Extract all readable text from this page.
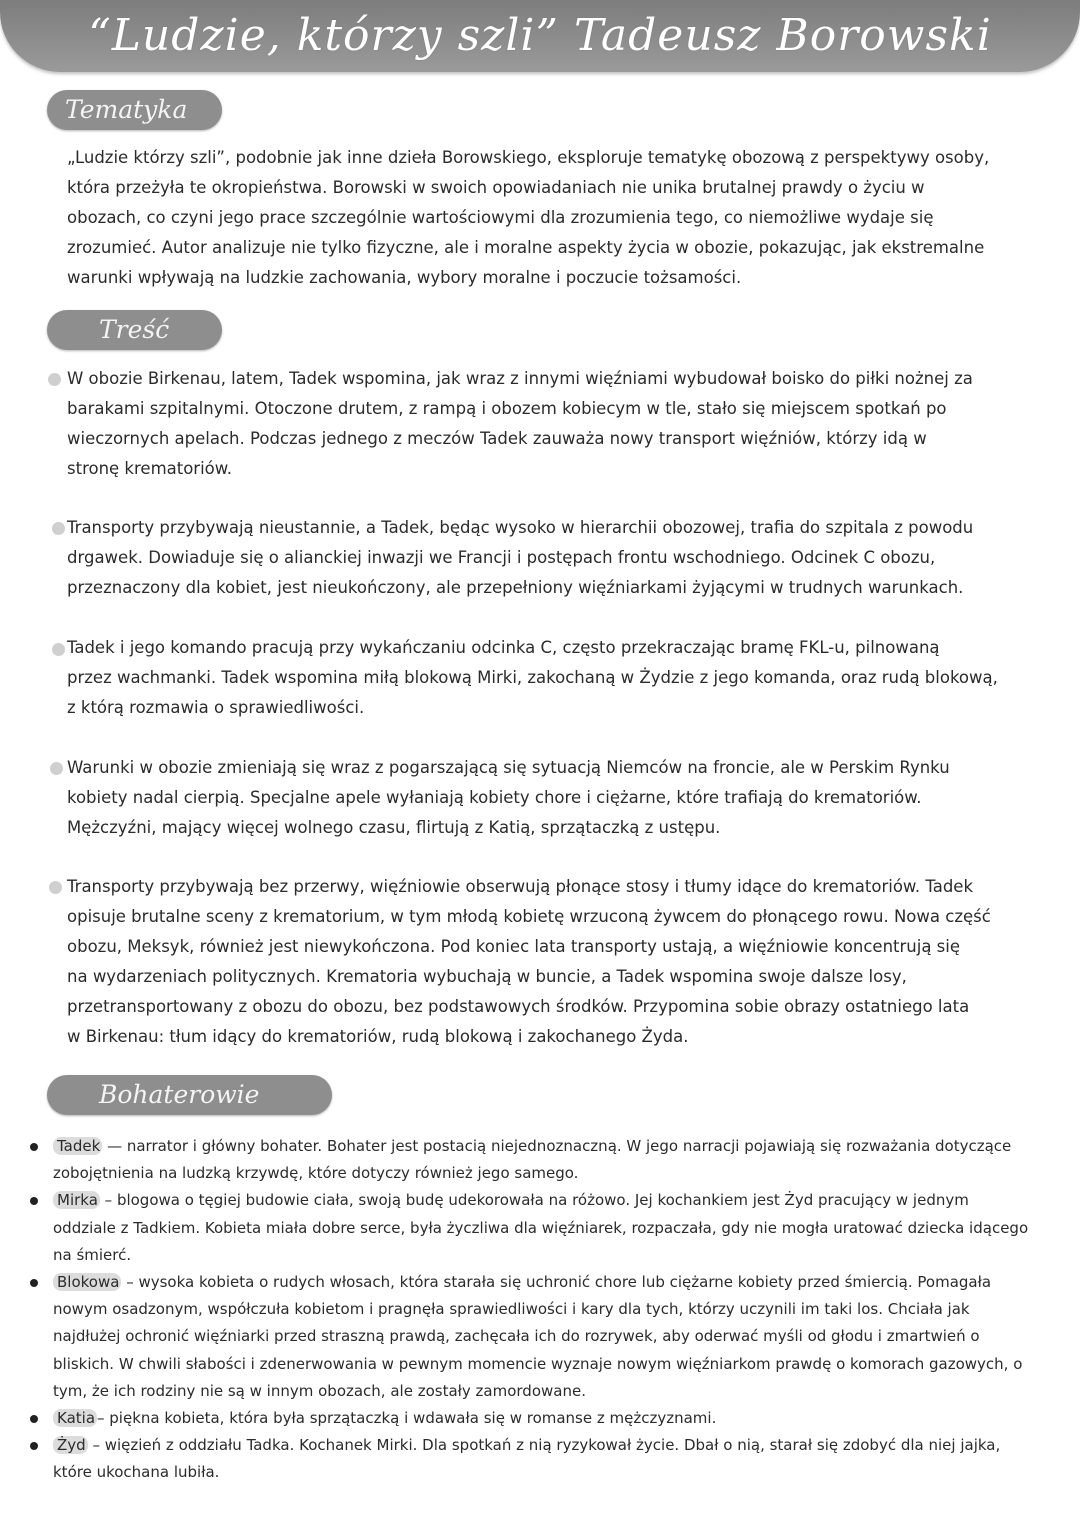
“Ludzie, którzy szli” Tadeusz Borowski
Tematyka
„Ludzie którzy szli”, podobnie jak inne dzieła Borowskiego, eksploruje tematykę obozową z perspektywy osoby,
która przeżyła te okropieństwa. Borowski w swoich opowiadaniach nie unika brutalnej prawdy o życiu w
obozach, co czyni jego prace szczególnie wartościowymi dla zrozumienia tego, co niemożliwe wydaje się
zrozumieć. Autor analizuje nie tylko fizyczne, ale i moralne aspekty życia w obozie, pokazując, jak ekstremalne
warunki wpływają na ludzkie zachowania, wybory moralne i poczucie tożsamości.
Treść
W obozie Birkenau, latem, Tadek wspomina, jak wraz z innymi więźniami wybudował boisko do piłki nożnej za
barakami szpitalnymi. Otoczone drutem, z rampą i obozem kobiecym w tle, stało się miejscem spotkań po
wieczornych apelach. Podczas jednego z meczów Tadek zauważa nowy transport więźniów, którzy idą w
stronę krematoriów.
Transporty przybywają nieustannie, a Tadek, będąc wysoko w hierarchii obozowej, trafia do szpitala z powodu
drgawek. Dowiaduje się o alianckiej inwazji we Francji i postępach frontu wschodniego. Odcinek C obozu,
przeznaczony dla kobiet, jest nieukończony, ale przepełniony więźniarkami żyjącymi w trudnych warunkach.
Tadek i jego komando pracują przy wykańczaniu odcinka C, często przekraczając bramę FKL-u, pilnowaną
przez wachmanki. Tadek wspomina miłą blokową Mirki, zakochaną w Żydzie z jego komanda, oraz rudą blokową,
z którą rozmawia o sprawiedliwości.
Warunki w obozie zmieniają się wraz z pogarszającą się sytuacją Niemców na froncie, ale w Perskim Rynku
kobiety nadal cierpią. Specjalne apele wyłaniają kobiety chore i ciężarne, które trafiają do krematoriów.
Mężczyźni, mający więcej wolnego czasu, flirtują z Katią, sprzątaczką z ustępu.
Transporty przybywają bez przerwy, więźniowie obserwują płonące stosy i tłumy idące do krematoriów. Tadek
opisuje brutalne sceny z krematorium, w tym młodą kobietę wrzuconą żywcem do płonącego rowu. Nowa część
obozu, Meksyk, również jest niewykończona. Pod koniec lata transporty ustają, a więźniowie koncentrują się
na wydarzeniach politycznych. Krematoria wybuchają w buncie, a Tadek wspomina swoje dalsze losy,
przetransportowany z obozu do obozu, bez podstawowych środków. Przypomina sobie obrazy ostatniego lata
w Birkenau: tłum idący do krematoriów, rudą blokową i zakochanego Żyda.
Bohaterowie
Tadek — narrator i główny bohater. Bohater jest postacią niejednoznaczną. W jego narracji pojawiają się rozważania dotyczące
zobojętnienia na ludzką krzywdę, które dotyczy również jego samego.
Mirka – blogowa o tęgiej budowie ciała, swoją budę udekorowała na różowo. Jej kochankiem jest Żyd pracujący w jednym
oddziale z Tadkiem. Kobieta miała dobre serce, była życzliwa dla więźniarek, rozpaczała, gdy nie mogła uratować dziecka idącego
na śmierć.
Blokowa – wysoka kobieta o rudych włosach, która starała się uchronić chore lub ciężarne kobiety przed śmiercią. Pomagała
nowym osadzonym, współczuła kobietom i pragnęła sprawiedliwości i kary dla tych, którzy uczynili im taki los. Chciała jak
najdłużej ochronić więźniarki przed straszną prawdą, zachęcała ich do rozrywek, aby oderwać myśli od głodu i zmartwień o
bliskich. W chwili słabości i zdenerwowania w pewnym momencie wyznaje nowym więźniarkom prawdę o komorach gazowych, o
tym, że ich rodziny nie są w innym obozach, ale zostały zamordowane.
Katia – piękna kobieta, która była sprzątaczką i wdawała się w romanse z mężczyznami.
Żyd – więzień z oddziału Tadka. Kochanek Mirki. Dla spotkań z nią ryzykował życie. Dbał o nią, starał się zdobyć dla niej jajka,
które ukochana lubiła.
